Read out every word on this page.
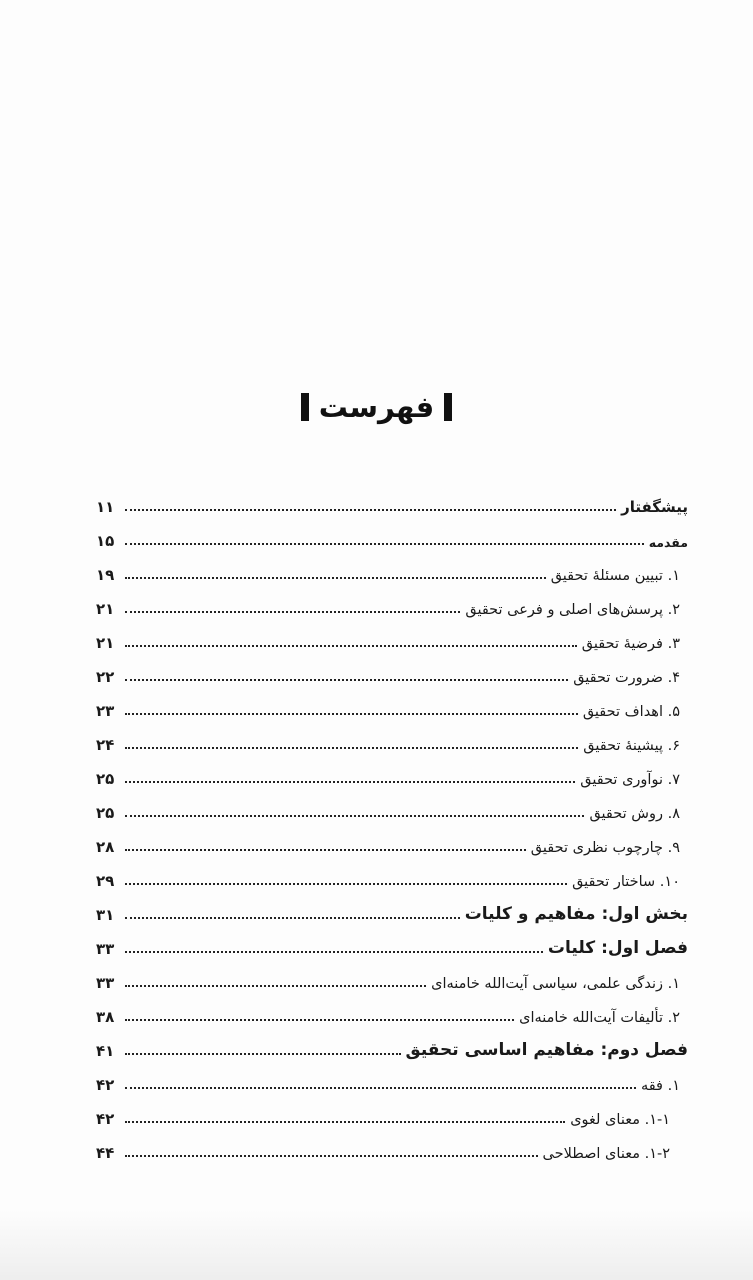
فهرست
پیشگفتار
۱۱
مقدمه
۱۵
۱. تبیین مسئلهٔ تحقیق
۱۹
۲. پرسش‌های اصلی و فرعی تحقیق
۲۱
۳. فرضیهٔ تحقیق
۲۱
۴. ضرورت تحقیق
۲۲
۵. اهداف تحقیق
۲۳
۶. پیشینهٔ تحقیق
۲۴
۷. نوآوری تحقیق
۲۵
۸. روش تحقیق
۲۵
۹. چارچوب نظری تحقیق
۲۸
۱۰. ساختار تحقیق
۲۹
بخش اول: مفاهیم و کلیات
۳۱
فصل اول: کلیات
۳۳
۱. زندگی علمی، سیاسی آیت‌الله خامنه‌ای
۳۳
۲. تألیفات آیت‌الله خامنه‌ای
۳۸
فصل دوم: مفاهیم اساسی تحقیق
۴۱
۱. فقه
۴۲
۱-۱. معنای لغوی
۴۲
۱-۲. معنای اصطلاحی
۴۴
